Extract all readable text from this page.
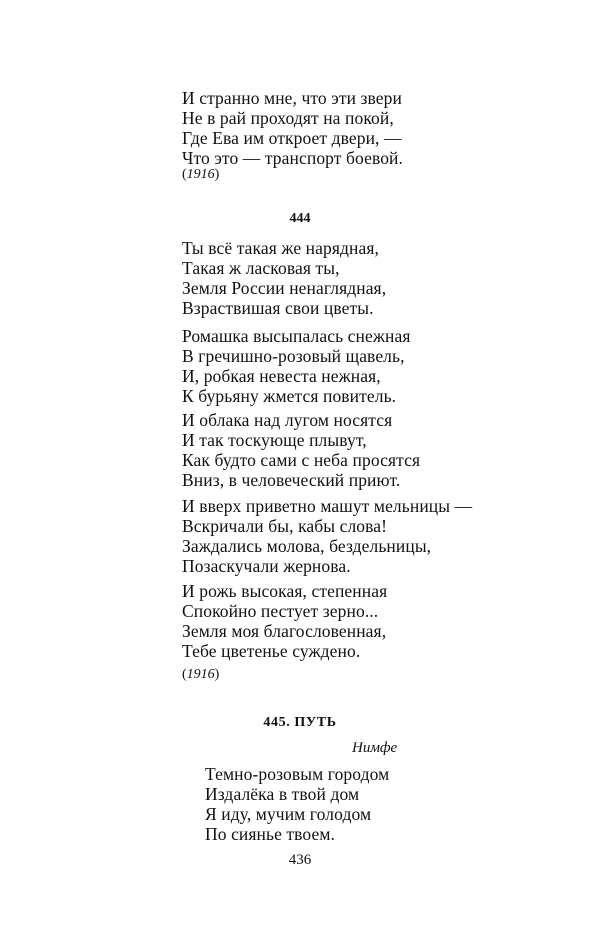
И странно мне, что эти звери
Не в рай проходят на покой,
Где Ева им откроет двери, —
Что это — транспорт боевой.
(1916)
444
Ты всё такая же нарядная,
Такая ж ласковая ты,
Земля России ненаглядная,
Взраствишая свои цветы.
Ромашка высыпалась снежная
В гречишно-розовый щавель,
И, робкая невеста нежная,
К бурьяну жмется повитель.
И облака над лугом носятся
И так тоскующе плывут,
Как будто сами с неба просятся
Вниз, в человеческий приют.
И вверх приветно машут мельницы —
Вскричали бы, кабы слова!
Заждались молова, бездельницы,
Позаскучали жернова.
И рожь высокая, степенная
Спокойно пестует зерно...
Земля моя благословенная,
Тебе цветенье суждено.
(1916)
445. ПУТЬ
Нимфе
Темно-розовым городом
Издалёка в твой дом
Я иду, мучим голодом
По сиянье твоем.
436
